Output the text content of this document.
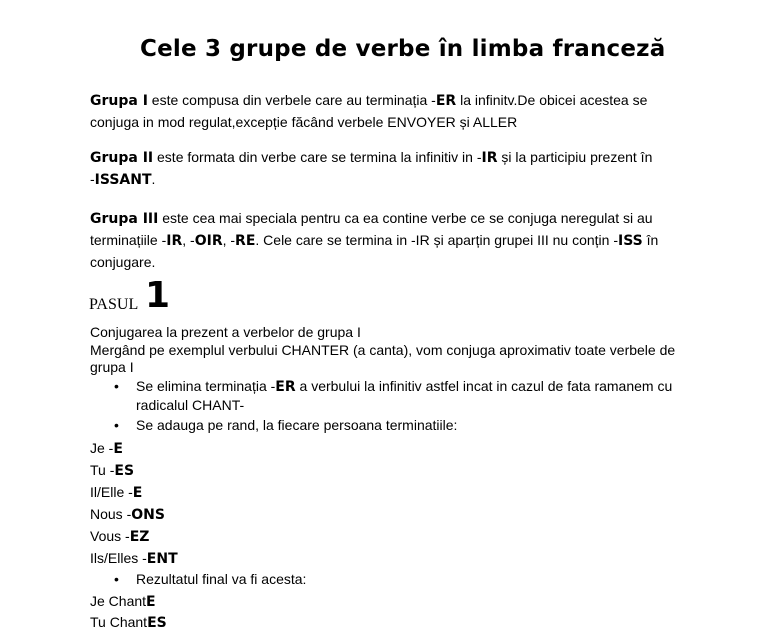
Cele 3 grupe de verbe în limba franceză
Grupa I este compusa din verbele care au terminația -ER la infinitv.De obicei acestea se
conjuga in mod regulat,excepție făcând verbele ENVOYER și ALLER
Grupa II este formata din verbe care se termina la infinitiv in -IR și la participiu prezent în
-ISSANT.
Grupa III este cea mai speciala pentru ca ea contine verbe ce se conjuga neregulat si au
terminațiile -IR, -OIR, -RE. Cele care se termina in -IR și aparțin grupei III nu conțin -ISS în
conjugare.
PASUL 1
Conjugarea la prezent a verbelor de grupa I
Mergând pe exemplul verbului CHANTER (a canta), vom conjuga aproximativ toate verbele de
grupa I
• Se elimina terminația -ER a verbului la infinitiv astfel incat in cazul de fata ramanem cu
radicalul CHANT-
• Se adauga pe rand, la fiecare persoana terminatiile:
Je -E
Tu -ES
Il/Elle -E
Nous -ONS
Vous -EZ
Ils/Elles -ENT
• Rezultatul final va fi acesta:
Je ChantE
Tu ChantES
